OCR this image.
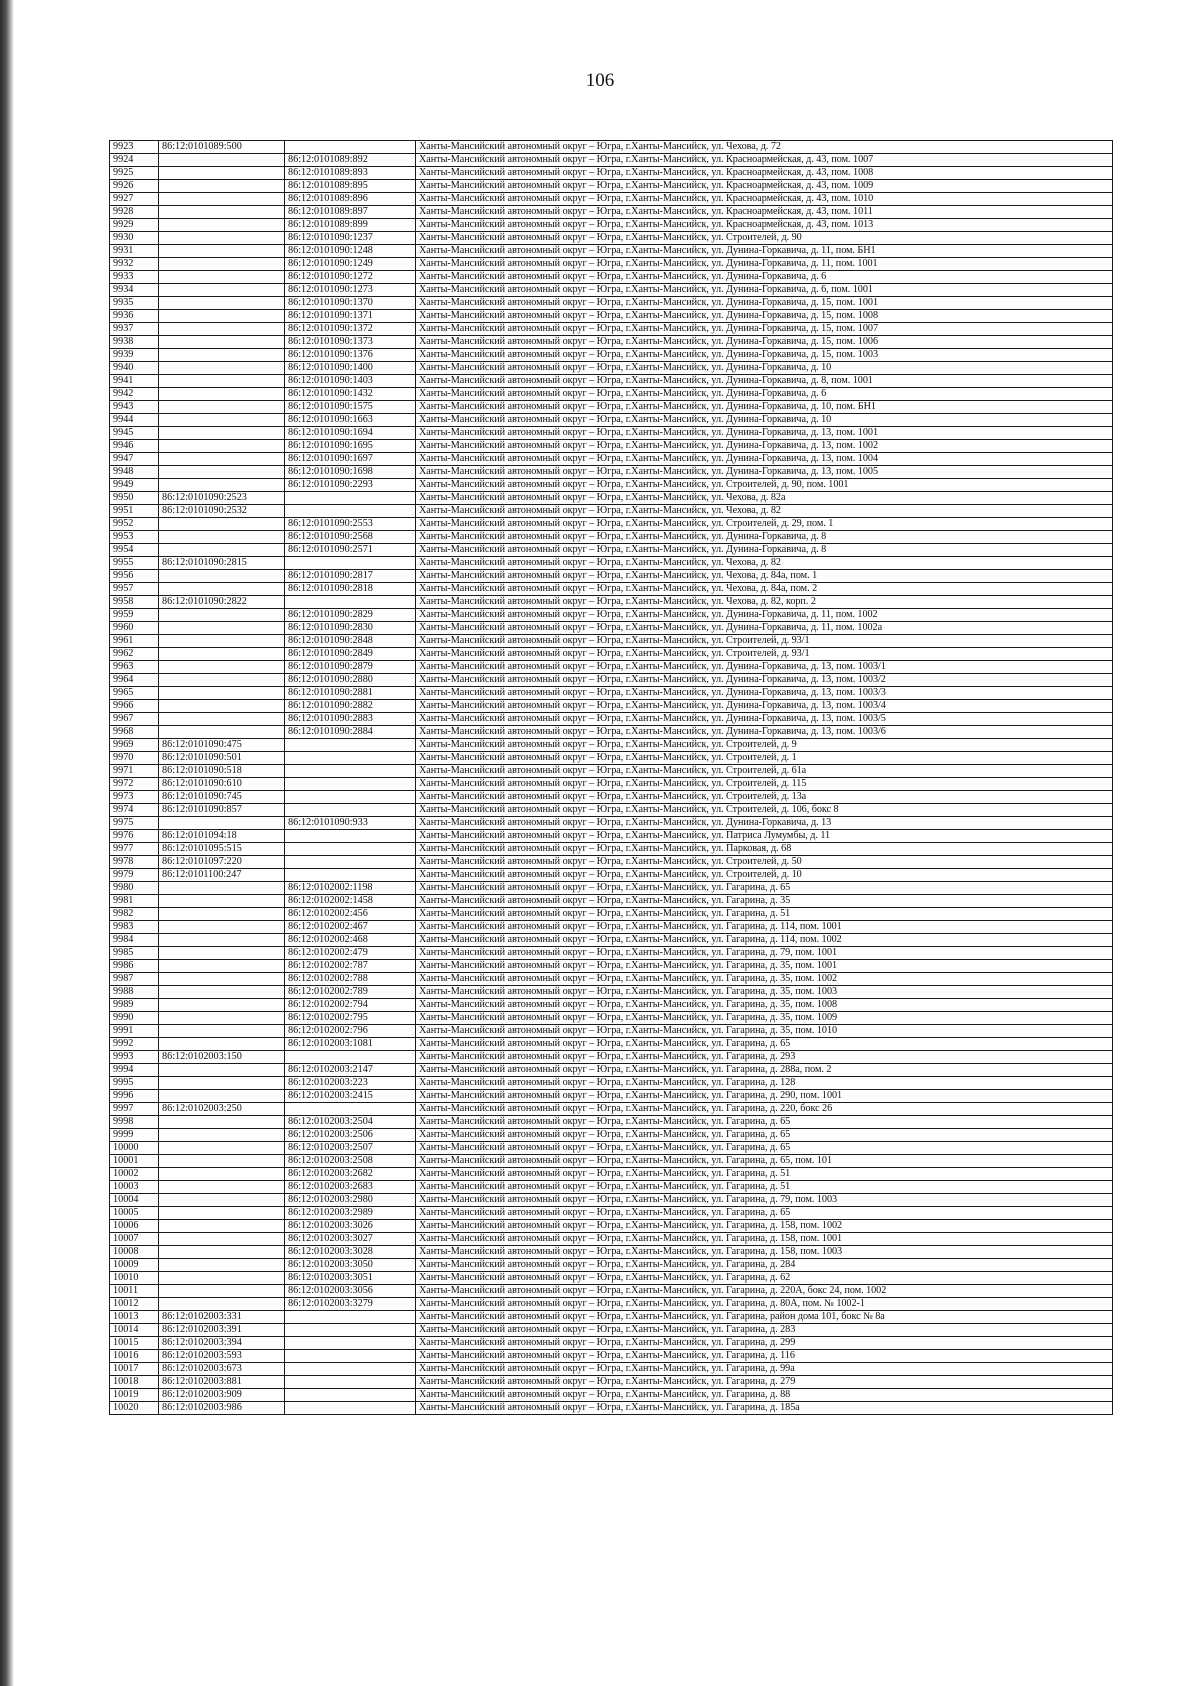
106
9923	86:12:0101089:500		Ханты-Мансийский автономный округ – Югра, г.Ханты-Мансийск, ул. Чехова, д. 72
9924		86:12:0101089:892	Ханты-Мансийский автономный округ – Югра, г.Ханты-Мансийск, ул. Красноармейская, д. 43, пом. 1007
9925		86:12:0101089:893	Ханты-Мансийский автономный округ – Югра, г.Ханты-Мансийск, ул. Красноармейская, д. 43, пом. 1008
9926		86:12:0101089:895	Ханты-Мансийский автономный округ – Югра, г.Ханты-Мансийск, ул. Красноармейская, д. 43, пом. 1009
9927		86:12:0101089:896	Ханты-Мансийский автономный округ – Югра, г.Ханты-Мансийск, ул. Красноармейская, д. 43, пом. 1010
9928		86:12:0101089:897	Ханты-Мансийский автономный округ – Югра, г.Ханты-Мансийск, ул. Красноармейская, д. 43, пом. 1011
9929		86:12:0101089:899	Ханты-Мансийский автономный округ – Югра, г.Ханты-Мансийск, ул. Красноармейская, д. 43, пом. 1013
9930		86:12:0101090:1237	Ханты-Мансийский автономный округ – Югра, г.Ханты-Мансийск, ул. Строителей, д. 90
9931		86:12:0101090:1248	Ханты-Мансийский автономный округ – Югра, г.Ханты-Мансийск, ул. Дунина-Горкавича, д. 11, пом. БН1
9932		86:12:0101090:1249	Ханты-Мансийский автономный округ – Югра, г.Ханты-Мансийск, ул. Дунина-Горкавича, д. 11, пом. 1001
9933		86:12:0101090:1272	Ханты-Мансийский автономный округ – Югра, г.Ханты-Мансийск, ул. Дунина-Горкавича, д. 6
9934		86:12:0101090:1273	Ханты-Мансийский автономный округ – Югра, г.Ханты-Мансийск, ул. Дунина-Горкавича, д. 6, пом. 1001
9935		86:12:0101090:1370	Ханты-Мансийский автономный округ – Югра, г.Ханты-Мансийск, ул. Дунина-Горкавича, д. 15, пом. 1001
9936		86:12:0101090:1371	Ханты-Мансийский автономный округ – Югра, г.Ханты-Мансийск, ул. Дунина-Горкавича, д. 15, пом. 1008
9937		86:12:0101090:1372	Ханты-Мансийский автономный округ – Югра, г.Ханты-Мансийск, ул. Дунина-Горкавича, д. 15, пом. 1007
9938		86:12:0101090:1373	Ханты-Мансийский автономный округ – Югра, г.Ханты-Мансийск, ул. Дунина-Горкавича, д. 15, пом. 1006
9939		86:12:0101090:1376	Ханты-Мансийский автономный округ – Югра, г.Ханты-Мансийск, ул. Дунина-Горкавича, д. 15, пом. 1003
9940		86:12:0101090:1400	Ханты-Мансийский автономный округ – Югра, г.Ханты-Мансийск, ул. Дунина-Горкавича, д. 10
9941		86:12:0101090:1403	Ханты-Мансийский автономный округ – Югра, г.Ханты-Мансийск, ул. Дунина-Горкавича, д. 8, пом. 1001
9942		86:12:0101090:1432	Ханты-Мансийский автономный округ – Югра, г.Ханты-Мансийск, ул. Дунина-Горкавича, д. 6
9943		86:12:0101090:1575	Ханты-Мансийский автономный округ – Югра, г.Ханты-Мансийск, ул. Дунина-Горкавича, д. 10, пом. БН1
9944		86:12:0101090:1663	Ханты-Мансийский автономный округ – Югра, г.Ханты-Мансийск, ул. Дунина-Горкавича, д. 10
9945		86:12:0101090:1694	Ханты-Мансийский автономный округ – Югра, г.Ханты-Мансийск, ул. Дунина-Горкавича, д. 13, пом. 1001
9946		86:12:0101090:1695	Ханты-Мансийский автономный округ – Югра, г.Ханты-Мансийск, ул. Дунина-Горкавича, д. 13, пом. 1002
9947		86:12:0101090:1697	Ханты-Мансийский автономный округ – Югра, г.Ханты-Мансийск, ул. Дунина-Горкавича, д. 13, пом. 1004
9948		86:12:0101090:1698	Ханты-Мансийский автономный округ – Югра, г.Ханты-Мансийск, ул. Дунина-Горкавича, д. 13, пом. 1005
9949		86:12:0101090:2293	Ханты-Мансийский автономный округ – Югра, г.Ханты-Мансийск, ул. Строителей, д. 90, пом. 1001
9950	86:12:0101090:2523		Ханты-Мансийский автономный округ – Югра, г.Ханты-Мансийск, ул. Чехова, д. 82а
9951	86:12:0101090:2532		Ханты-Мансийский автономный округ – Югра, г.Ханты-Мансийск, ул. Чехова, д. 82
9952		86:12:0101090:2553	Ханты-Мансийский автономный округ – Югра, г.Ханты-Мансийск, ул. Строителей, д. 29, пом. 1
9953		86:12:0101090:2568	Ханты-Мансийский автономный округ – Югра, г.Ханты-Мансийск, ул. Дунина-Горкавича, д. 8
9954		86:12:0101090:2571	Ханты-Мансийский автономный округ – Югра, г.Ханты-Мансийск, ул. Дунина-Горкавича, д. 8
9955	86:12:0101090:2815		Ханты-Мансийский автономный округ – Югра, г.Ханты-Мансийск, ул. Чехова, д. 82
9956		86:12:0101090:2817	Ханты-Мансийский автономный округ – Югра, г.Ханты-Мансийск, ул. Чехова, д. 84а, пом. 1
9957		86:12:0101090:2818	Ханты-Мансийский автономный округ – Югра, г.Ханты-Мансийск, ул. Чехова, д. 84а, пом. 2
9958	86:12:0101090:2822		Ханты-Мансийский автономный округ – Югра, г.Ханты-Мансийск, ул. Чехова, д. 82, корп. 2
9959		86:12:0101090:2829	Ханты-Мансийский автономный округ – Югра, г.Ханты-Мансийск, ул. Дунина-Горкавича, д. 11, пом. 1002
9960		86:12:0101090:2830	Ханты-Мансийский автономный округ – Югра, г.Ханты-Мансийск, ул. Дунина-Горкавича, д. 11, пом. 1002а
9961		86:12:0101090:2848	Ханты-Мансийский автономный округ – Югра, г.Ханты-Мансийск, ул. Строителей, д. 93/1
9962		86:12:0101090:2849	Ханты-Мансийский автономный округ – Югра, г.Ханты-Мансийск, ул. Строителей, д. 93/1
9963		86:12:0101090:2879	Ханты-Мансийский автономный округ – Югра, г.Ханты-Мансийск, ул. Дунина-Горкавича, д. 13, пом. 1003/1
9964		86:12:0101090:2880	Ханты-Мансийский автономный округ – Югра, г.Ханты-Мансийск, ул. Дунина-Горкавича, д. 13, пом. 1003/2
9965		86:12:0101090:2881	Ханты-Мансийский автономный округ – Югра, г.Ханты-Мансийск, ул. Дунина-Горкавича, д. 13, пом. 1003/3
9966		86:12:0101090:2882	Ханты-Мансийский автономный округ – Югра, г.Ханты-Мансийск, ул. Дунина-Горкавича, д. 13, пом. 1003/4
9967		86:12:0101090:2883	Ханты-Мансийский автономный округ – Югра, г.Ханты-Мансийск, ул. Дунина-Горкавича, д. 13, пом. 1003/5
9968		86:12:0101090:2884	Ханты-Мансийский автономный округ – Югра, г.Ханты-Мансийск, ул. Дунина-Горкавича, д. 13, пом. 1003/6
9969	86:12:0101090:475		Ханты-Мансийский автономный округ – Югра, г.Ханты-Мансийск, ул. Строителей, д. 9
9970	86:12:0101090:501		Ханты-Мансийский автономный округ – Югра, г.Ханты-Мансийск, ул. Строителей, д. 1
9971	86:12:0101090:518		Ханты-Мансийский автономный округ – Югра, г.Ханты-Мансийск, ул. Строителей, д. 61а
9972	86:12:0101090:610		Ханты-Мансийский автономный округ – Югра, г.Ханты-Мансийск, ул. Строителей, д. 115
9973	86:12:0101090:745		Ханты-Мансийский автономный округ – Югра, г.Ханты-Мансийск, ул. Строителей, д. 13а
9974	86:12:0101090:857		Ханты-Мансийский автономный округ – Югра, г.Ханты-Мансийск, ул. Строителей, д. 106, бокс 8
9975		86:12:0101090:933	Ханты-Мансийский автономный округ – Югра, г.Ханты-Мансийск, ул. Дунина-Горкавича, д. 13
9976	86:12:0101094:18		Ханты-Мансийский автономный округ – Югра, г.Ханты-Мансийск, ул. Патриса Лумумбы, д. 11
9977	86:12:0101095:515		Ханты-Мансийский автономный округ – Югра, г.Ханты-Мансийск, ул. Парковая, д. 68
9978	86:12:0101097:220		Ханты-Мансийский автономный округ – Югра, г.Ханты-Мансийск, ул. Строителей, д. 50
9979	86:12:0101100:247		Ханты-Мансийский автономный округ – Югра, г.Ханты-Мансийск, ул. Строителей, д. 10
9980		86:12:0102002:1198	Ханты-Мансийский автономный округ – Югра, г.Ханты-Мансийск, ул. Гагарина, д. 65
9981		86:12:0102002:1458	Ханты-Мансийский автономный округ – Югра, г.Ханты-Мансийск, ул. Гагарина, д. 35
9982		86:12:0102002:456	Ханты-Мансийский автономный округ – Югра, г.Ханты-Мансийск, ул. Гагарина, д. 51
9983		86:12:0102002:467	Ханты-Мансийский автономный округ – Югра, г.Ханты-Мансийск, ул. Гагарина, д. 114, пом. 1001
9984		86:12:0102002:468	Ханты-Мансийский автономный округ – Югра, г.Ханты-Мансийск, ул. Гагарина, д. 114, пом. 1002
9985		86:12:0102002:479	Ханты-Мансийский автономный округ – Югра, г.Ханты-Мансийск, ул. Гагарина, д. 79, пом. 1001
9986		86:12:0102002:787	Ханты-Мансийский автономный округ – Югра, г.Ханты-Мансийск, ул. Гагарина, д. 35, пом. 1001
9987		86:12:0102002:788	Ханты-Мансийский автономный округ – Югра, г.Ханты-Мансийск, ул. Гагарина, д. 35, пом. 1002
9988		86:12:0102002:789	Ханты-Мансийский автономный округ – Югра, г.Ханты-Мансийск, ул. Гагарина, д. 35, пом. 1003
9989		86:12:0102002:794	Ханты-Мансийский автономный округ – Югра, г.Ханты-Мансийск, ул. Гагарина, д. 35, пом. 1008
9990		86:12:0102002:795	Ханты-Мансийский автономный округ – Югра, г.Ханты-Мансийск, ул. Гагарина, д. 35, пом. 1009
9991		86:12:0102002:796	Ханты-Мансийский автономный округ – Югра, г.Ханты-Мансийск, ул. Гагарина, д. 35, пом. 1010
9992		86:12:0102003:1081	Ханты-Мансийский автономный округ – Югра, г.Ханты-Мансийск, ул. Гагарина, д. 65
9993	86:12:0102003:150		Ханты-Мансийский автономный округ – Югра, г.Ханты-Мансийск, ул. Гагарина, д. 293
9994		86:12:0102003:2147	Ханты-Мансийский автономный округ – Югра, г.Ханты-Мансийск, ул. Гагарина, д. 288а, пом. 2
9995		86:12:0102003:223	Ханты-Мансийский автономный округ – Югра, г.Ханты-Мансийск, ул. Гагарина, д. 128
9996		86:12:0102003:2415	Ханты-Мансийский автономный округ – Югра, г.Ханты-Мансийск, ул. Гагарина, д. 290, пом. 1001
9997	86:12:0102003:250		Ханты-Мансийский автономный округ – Югра, г.Ханты-Мансийск, ул. Гагарина, д. 220, бокс 26
9998		86:12:0102003:2504	Ханты-Мансийский автономный округ – Югра, г.Ханты-Мансийск, ул. Гагарина, д. 65
9999		86:12:0102003:2506	Ханты-Мансийский автономный округ – Югра, г.Ханты-Мансийск, ул. Гагарина, д. 65
10000		86:12:0102003:2507	Ханты-Мансийский автономный округ – Югра, г.Ханты-Мансийск, ул. Гагарина, д. 65
10001		86:12:0102003:2508	Ханты-Мансийский автономный округ – Югра, г.Ханты-Мансийск, ул. Гагарина, д. 65, пом. 101
10002		86:12:0102003:2682	Ханты-Мансийский автономный округ – Югра, г.Ханты-Мансийск, ул. Гагарина, д. 51
10003		86:12:0102003:2683	Ханты-Мансийский автономный округ – Югра, г.Ханты-Мансийск, ул. Гагарина, д. 51
10004		86:12:0102003:2980	Ханты-Мансийский автономный округ – Югра, г.Ханты-Мансийск, ул. Гагарина, д. 79, пом. 1003
10005		86:12:0102003:2989	Ханты-Мансийский автономный округ – Югра, г.Ханты-Мансийск, ул. Гагарина, д. 65
10006		86:12:0102003:3026	Ханты-Мансийский автономный округ – Югра, г.Ханты-Мансийск, ул. Гагарина, д. 158, пом. 1002
10007		86:12:0102003:3027	Ханты-Мансийский автономный округ – Югра, г.Ханты-Мансийск, ул. Гагарина, д. 158, пом. 1001
10008		86:12:0102003:3028	Ханты-Мансийский автономный округ – Югра, г.Ханты-Мансийск, ул. Гагарина, д. 158, пом. 1003
10009		86:12:0102003:3050	Ханты-Мансийский автономный округ – Югра, г.Ханты-Мансийск, ул. Гагарина, д. 284
10010		86:12:0102003:3051	Ханты-Мансийский автономный округ – Югра, г.Ханты-Мансийск, ул. Гагарина, д. 62
10011		86:12:0102003:3056	Ханты-Мансийский автономный округ – Югра, г.Ханты-Мансийск, ул. Гагарина, д. 220А, бокс 24, пом. 1002
10012		86:12:0102003:3279	Ханты-Мансийский автономный округ – Югра, г.Ханты-Мансийск, ул. Гагарина, д. 80А, пом. № 1002-1
10013	86:12:0102003:331		Ханты-Мансийский автономный округ – Югра, г.Ханты-Мансийск, ул. Гагарина, район дома 101, бокс № 8а
10014	86:12:0102003:391		Ханты-Мансийский автономный округ – Югра, г.Ханты-Мансийск, ул. Гагарина, д. 283
10015	86:12:0102003:394		Ханты-Мансийский автономный округ – Югра, г.Ханты-Мансийск, ул. Гагарина, д. 299
10016	86:12:0102003:593		Ханты-Мансийский автономный округ – Югра, г.Ханты-Мансийск, ул. Гагарина, д. 116
10017	86:12:0102003:673		Ханты-Мансийский автономный округ – Югра, г.Ханты-Мансийск, ул. Гагарина, д. 99а
10018	86:12:0102003:881		Ханты-Мансийский автономный округ – Югра, г.Ханты-Мансийск, ул. Гагарина, д. 279
10019	86:12:0102003:909		Ханты-Мансийский автономный округ – Югра, г.Ханты-Мансийск, ул. Гагарина, д. 88
10020	86:12:0102003:986		Ханты-Мансийский автономный округ – Югра, г.Ханты-Мансийск, ул. Гагарина, д. 185а
